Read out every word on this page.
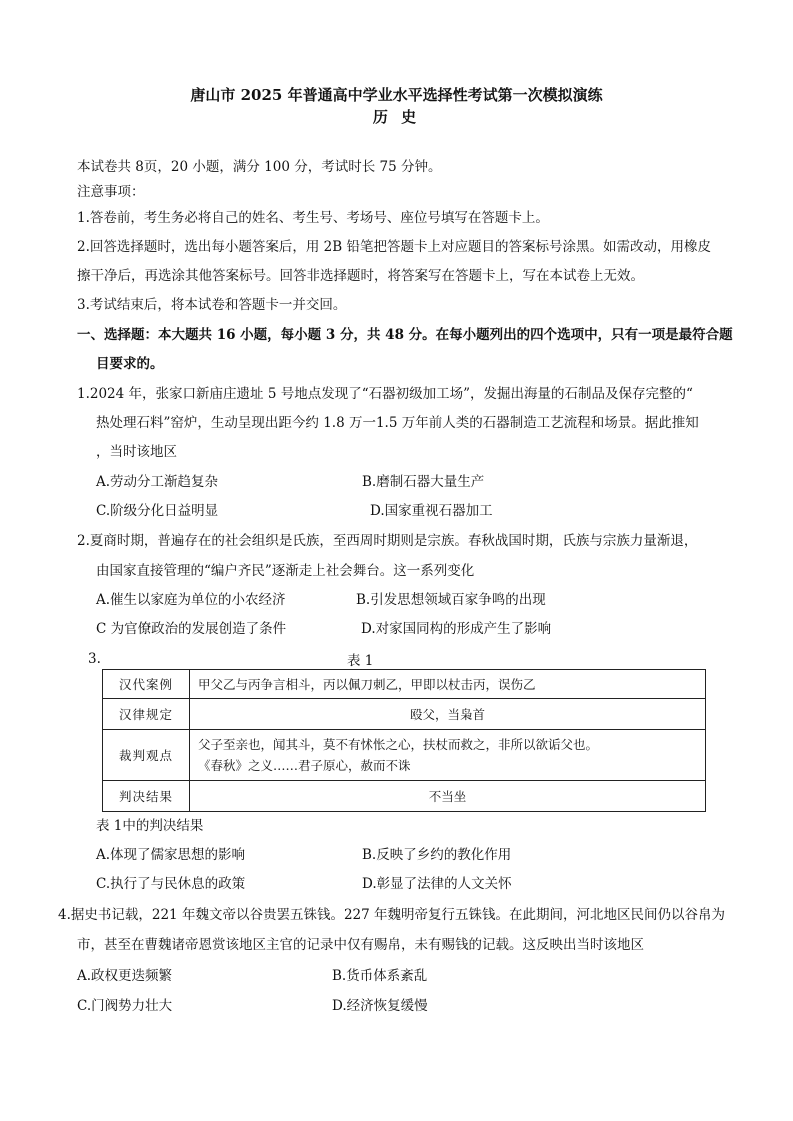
唐山市 2025 年普通高中学业水平选择性考试第一次模拟演练
历 史
本试卷共 8页，20 小题，满分 100 分，考试时长 75 分钟。
注意事项：
1.答卷前，考生务必将自己的姓名、考生号、考场号、座位号填写在答题卡上。
2.回答选择题时，选出每小题答案后，用 2B 铅笔把答题卡上对应题目的答案标号涂黑。如需改动，用橡皮
擦干净后，再选涂其他答案标号。回答非选择题时，将答案写在答题卡上，写在本试卷上无效。
3.考试结束后，将本试卷和答题卡一并交回。
一、选择题：本大题共 16 小题，每小题 3 分，共 48 分。在每小题列出的四个选项中，只有一项是最符合题
目要求的。
1.2024 年，张家口新庙庄遗址 5 号地点发现了“石器初级加工场”，发掘出海量的石制品及保存完整的“
热处理石料”窑炉，生动呈现出距今约 1.8 万一1.5 万年前人类的石器制造工艺流程和场景。据此推知
，当时该地区
A.劳动分工渐趋复杂	B.磨制石器大量生产
C.阶级分化日益明显	D.国家重视石器加工
2.夏商时期，普遍存在的社会组织是氏族，至西周时期则是宗族。春秋战国时期，氏族与宗族力量渐退，
由国家直接管理的“编户齐民”逐渐走上社会舞台。这一系列变化
A.催生以家庭为单位的小农经济	B.引发思想领域百家争鸣的出现
C 为官僚政治的发展创造了条件	D.对家国同构的形成产生了影响
3.	表 1
汉代案例	甲父乙与丙争言相斗，丙以佩刀刺乙，甲即以杖击丙，误伤乙
汉律规定	殴父，当枭首
裁判观点	父子至亲也，闻其斗，莫不有怵怅之心，扶杖而救之，非所以欲诟父也。
《春秋》之义……君子原心，赦而不诛

判决结果	不当坐
表 1中的判决结果
A.体现了儒家思想的影响	B.反映了乡约的教化作用
C.执行了与民休息的政策	D.彰显了法律的人文关怀
4.据史书记载，221 年魏文帝以谷贵罢五铢钱。227 年魏明帝复行五铢钱。在此期间，河北地区民间仍以谷帛为
市，甚至在曹魏诸帝恩赏该地区主官的记录中仅有赐帛，未有赐钱的记载。这反映出当时该地区
A.政权更迭频繁	B.货币体系紊乱
C.门阀势力壮大	D.经济恢复缓慢
